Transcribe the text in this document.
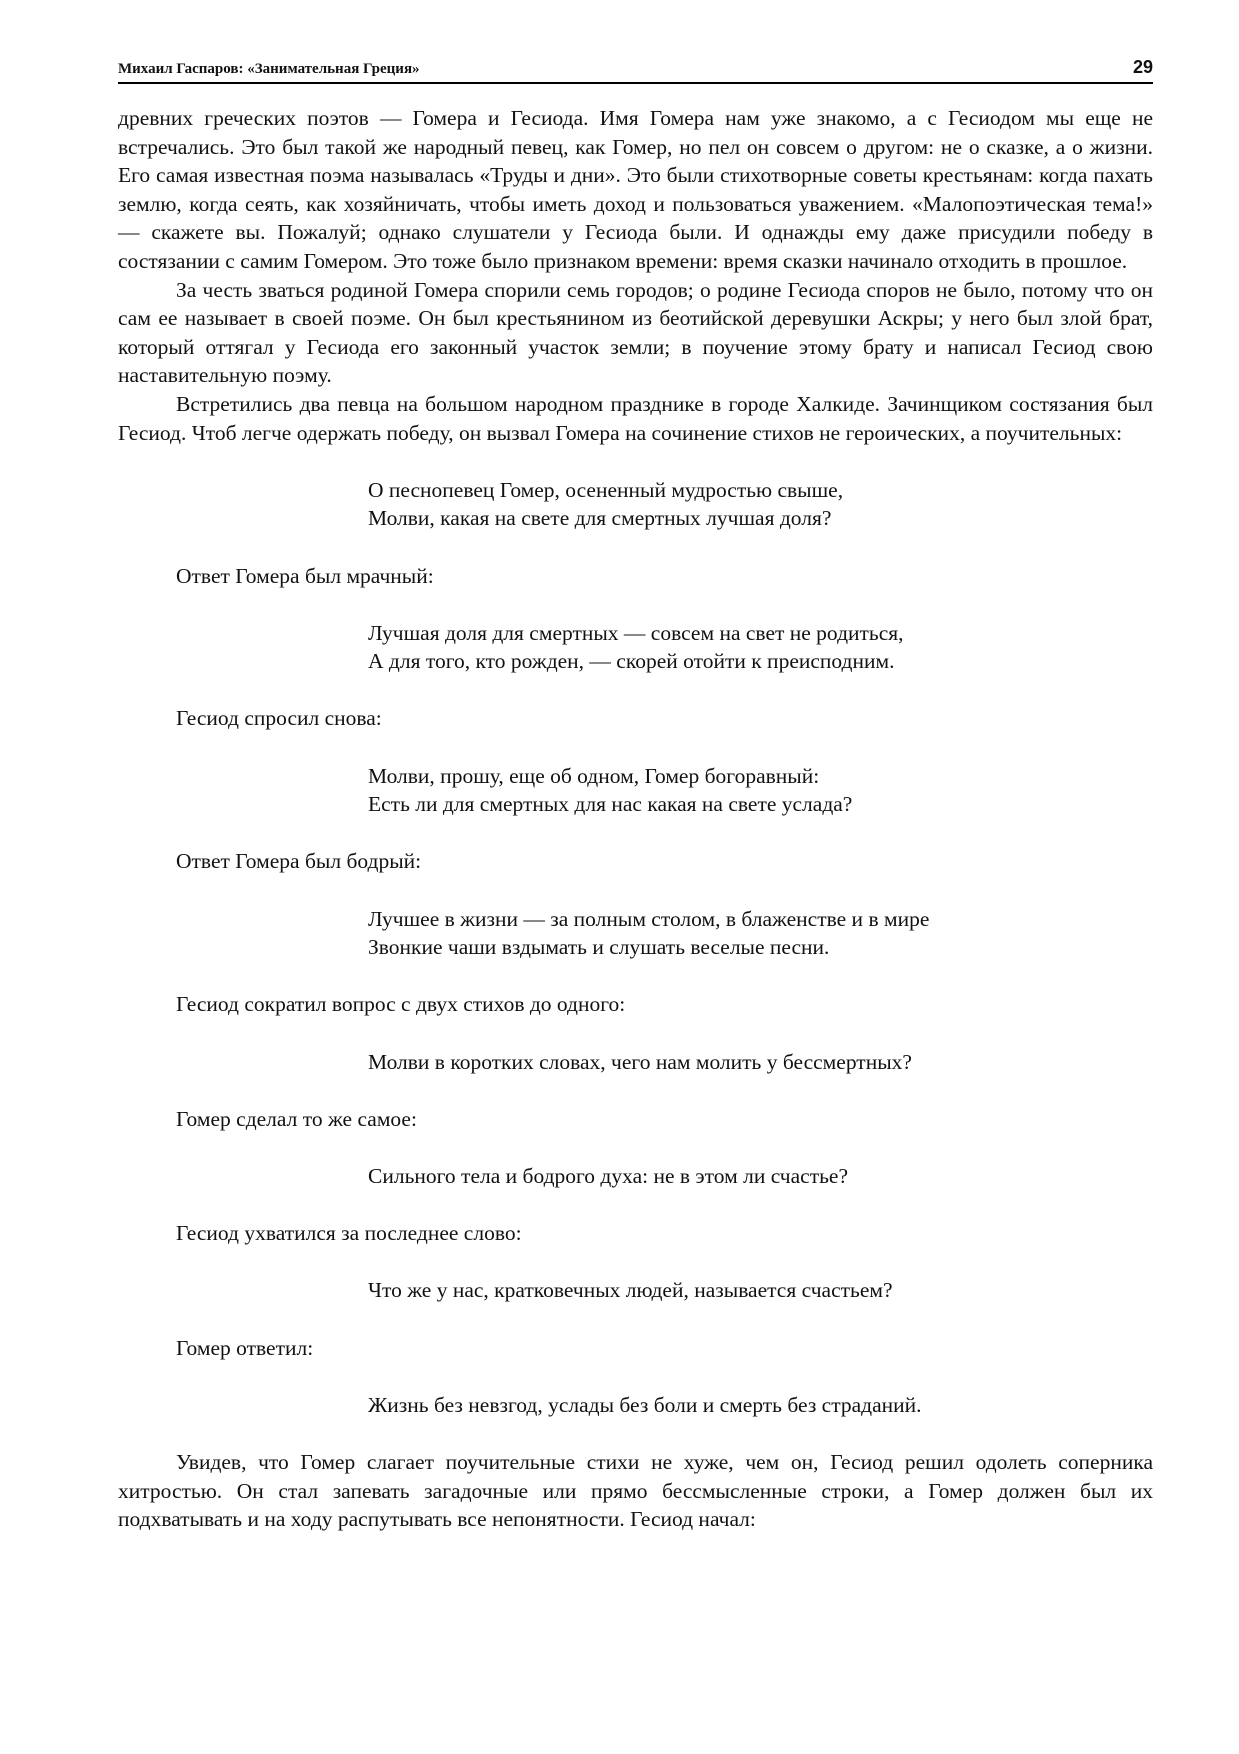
Михаил Гаспаров: «Занимательная Греция»	29

древних греческих поэтов — Гомера и Гесиода. Имя Гомера нам уже знакомо, а с Гесиодом мы еще не встречались. Это был такой же народный певец, как Гомер, но пел он совсем о другом: не о сказке, а о жизни. Его самая известная поэма называлась «Труды и дни». Это были стихотворные советы крестьянам: когда пахать землю, когда сеять, как хозяйничать, чтобы иметь доход и пользоваться уважением. «Малопоэтическая тема!» — скажете вы. Пожалуй; однако слушатели у Гесиода были. И однажды ему даже присудили победу в состязании с самим Гомером. Это тоже было признаком времени: время сказки начинало отходить в прошлое.

За честь зваться родиной Гомера спорили семь городов; о родине Гесиода споров не было, потому что он сам ее называет в своей поэме. Он был крестьянином из беотийской деревушки Аскры; у него был злой брат, который оттягал у Гесиода его законный участок земли; в поучение этому брату и написал Гесиод свою наставительную поэму.

Встретились два певца на большом народном празднике в городе Халкиде. Зачинщиком состязания был Гесиод. Чтоб легче одержать победу, он вызвал Гомера на сочинение стихов не героических, а поучительных:

О песнопевец Гомер, осененный мудростью свыше,
Молви, какая на свете для смертных лучшая доля?

Ответ Гомера был мрачный:

Лучшая доля для смертных — совсем на свет не родиться,
А для того, кто рожден, — скорей отойти к преисподним.

Гесиод спросил снова:

Молви, прошу, еще об одном, Гомер богоравный:
Есть ли для смертных для нас какая на свете услада?

Ответ Гомера был бодрый:

Лучшее в жизни — за полным столом, в блаженстве и в мире
Звонкие чаши вздымать и слушать веселые песни.

Гесиод сократил вопрос с двух стихов до одного:

Молви в коротких словах, чего нам молить у бессмертных?

Гомер сделал то же самое:

Сильного тела и бодрого духа: не в этом ли счастье?

Гесиод ухватился за последнее слово:

Что же у нас, кратковечных людей, называется счастьем?

Гомер ответил:

Жизнь без невзгод, услады без боли и смерть без страданий.

Увидев, что Гомер слагает поучительные стихи не хуже, чем он, Гесиод решил одолеть соперника хитростью. Он стал запевать загадочные или прямо бессмысленные строки, а Гомер должен был их подхватывать и на ходу распутывать все непонятности. Гесиод начал:
